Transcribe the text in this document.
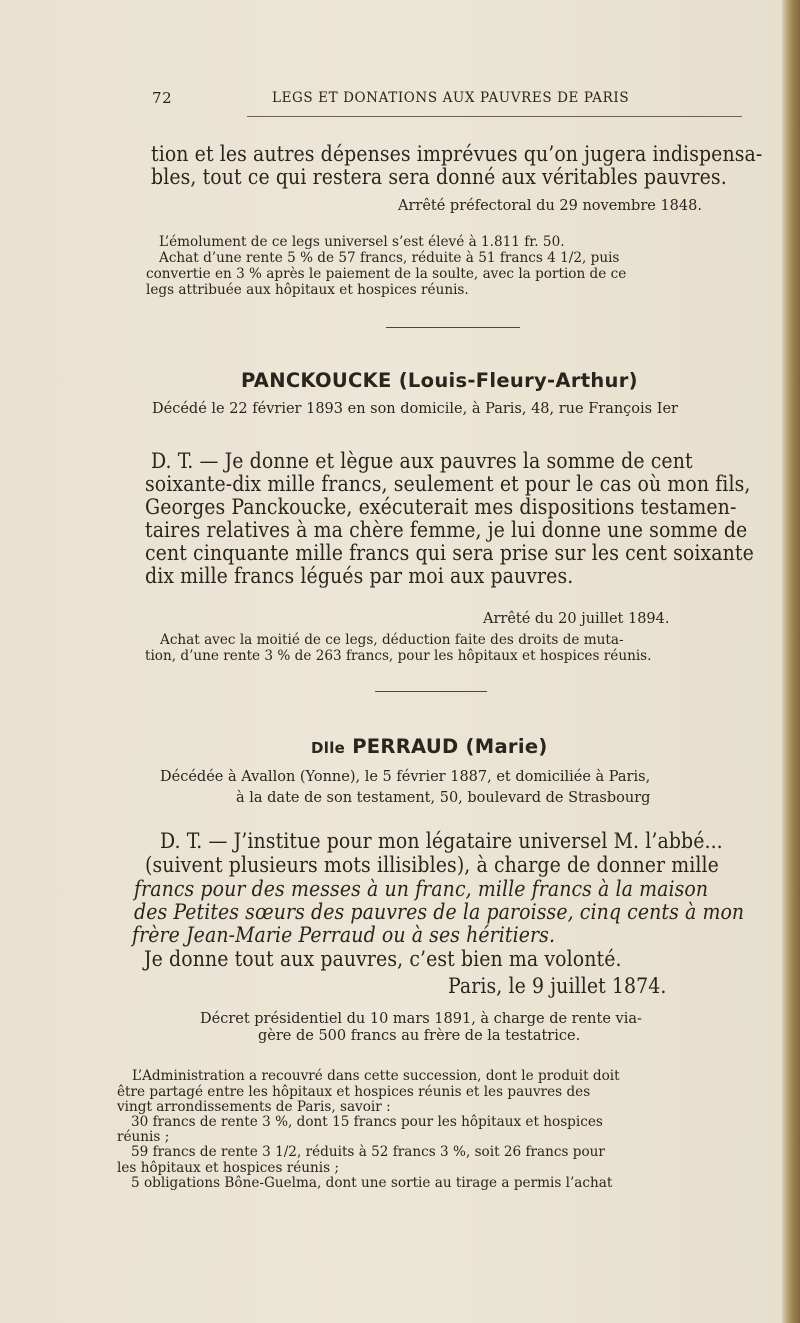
72	LEGS ET DONATIONS AUX PAUVRES DE PARIS
tion et les autres dépenses imprévues qu’on jugera indispensa-
bles, tout ce qui restera sera donné aux véritables pauvres.
Arrêté préfectoral du 29 novembre 1848.
L’émolument de ce legs universel s’est élevé à 1.811 fr. 50.
Achat d’une rente 5 % de 57 francs, réduite à 51 francs 4 1/2, puis
convertie en 3 % après le paiement de la soulte, avec la portion de ce
legs attribuée aux hôpitaux et hospices réunis.
PANCKOUCKE (Louis-Fleury-Arthur)
Décédé le 22 février 1893 en son domicile, à Paris, 48, rue François Ier
D. T. — Je donne et lègue aux pauvres la somme de cent
soixante-dix mille francs, seulement et pour le cas où mon fils,
Georges Panckoucke, exécuterait mes dispositions testamen-
taires relatives à ma chère femme, je lui donne une somme de
cent cinquante mille francs qui sera prise sur les cent soixante
dix mille francs légués par moi aux pauvres.
Arrêté du 20 juillet 1894.
Achat avec la moitié de ce legs, déduction faite des droits de muta-
tion, d’une rente 3 % de 263 francs, pour les hôpitaux et hospices réunis.
Dlle PERRAUD (Marie)
Décédée à Avallon (Yonne), le 5 février 1887, et domiciliée à Paris,
à la date de son testament, 50, boulevard de Strasbourg
D. T. — J’institue pour mon légataire universel M. l’abbé...
(suivent plusieurs mots illisibles), à charge de donner mille
francs pour des messes à un franc, mille francs à la maison
des Petites sœurs des pauvres de la paroisse, cinq cents à mon
frère Jean-Marie Perraud ou à ses héritiers.
Je donne tout aux pauvres, c’est bien ma volonté.
Paris, le 9 juillet 1874.
Décret présidentiel du 10 mars 1891, à charge de rente via-
gère de 500 francs au frère de la testatrice.
L’Administration a recouvré dans cette succession, dont le produit doit
être partagé entre les hôpitaux et hospices réunis et les pauvres des
vingt arrondissements de Paris, savoir :
30 francs de rente 3 %, dont 15 francs pour les hôpitaux et hospices
réunis ;
59 francs de rente 3 1/2, réduits à 52 francs 3 %, soit 26 francs pour
les hôpitaux et hospices réunis ;
5 obligations Bône-Guelma, dont une sortie au tirage a permis l’achat
